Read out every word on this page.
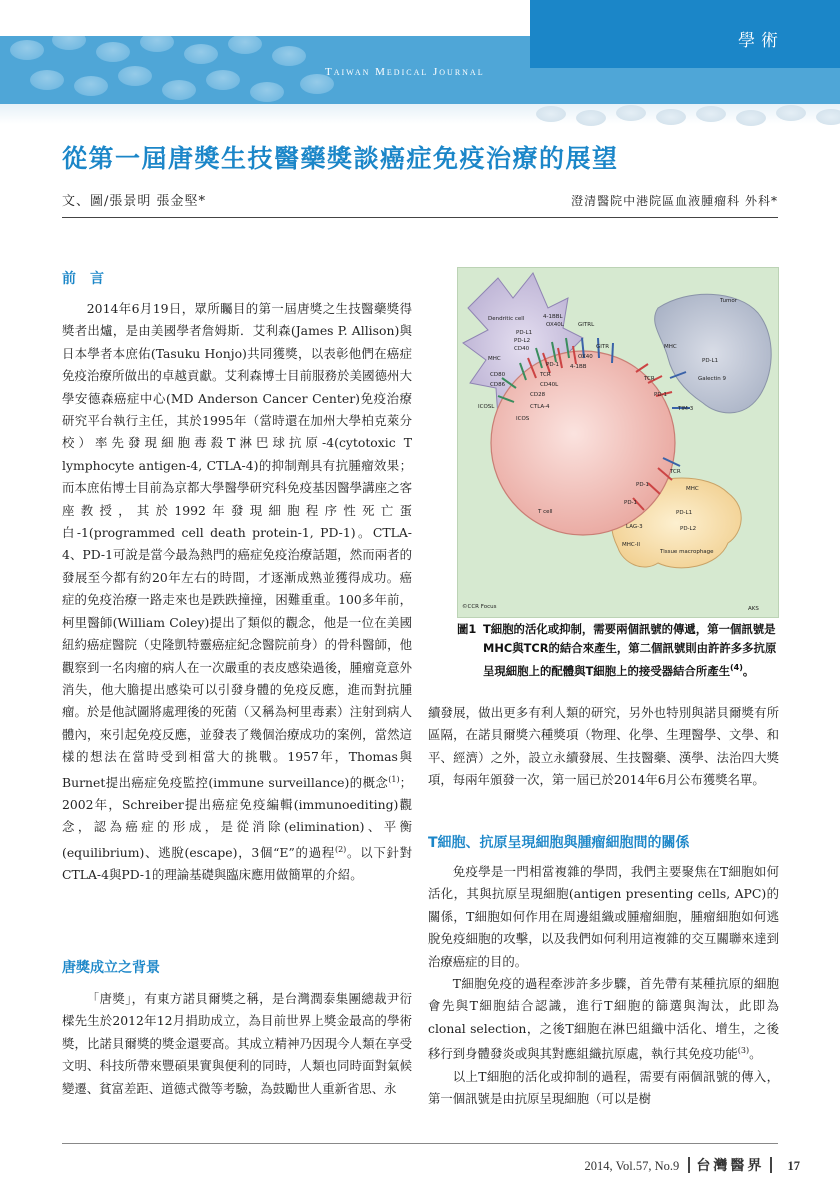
Taiwan Medical Journal
學術
從第一屆唐獎生技醫藥獎談癌症免疫治療的展望
文、圖/張景明 張金堅*	澄清醫院中港院區血液腫瘤科 外科*
前　言

2014年6月19日，眾所矚目的第一屆唐獎之生技醫藥獎得獎者出爐，是由美國學者詹姆斯．艾利森(James P. Allison)與日本學者本庶佑(Tasuku Honjo)共同獲獎，以表彰他們在癌症免疫治療所做出的卓越貢獻。艾利森博士目前服務於美國德州大學安德森癌症中心(MD Anderson Cancer Center)免疫治療研究平台執行主任，其於1995年（當時還在加州大學柏克萊分校）率先發現細胞毒殺T淋巴球抗原-4(cytotoxic T lymphocyte antigen-4, CTLA-4)的抑制劑具有抗腫瘤效果；而本庶佑博士目前為京都大學醫學研究科免疫基因醫學講座之客座教授，其於1992年發現細胞程序性死亡蛋白-1(programmed cell death protein-1, PD-1)。CTLA-4、PD-1可說是當今最為熱門的癌症免疫治療話題，然而兩者的發展至今都有約20年左右的時間，才逐漸成熟並獲得成功。癌症的免疫治療一路走來也是跌跌撞撞，困難重重。100多年前，柯里醫師(William Coley)提出了類似的觀念，他是一位在美國紐約癌症醫院（史隆凱特靈癌症紀念醫院前身）的骨科醫師，他觀察到一名肉瘤的病人在一次嚴重的表皮感染過後，腫瘤竟意外消失，他大膽提出感染可以引發身體的免疫反應，進而對抗腫瘤。於是他試圖將處理後的死菌（又稱為柯里毒素）注射到病人體內，來引起免疫反應，並發表了幾個治療成功的案例，當然這樣的想法在當時受到相當大的挑戰。1957年，Thomas與Burnet提出癌症免疫監控(immune surveillance)的概念$^{(1)}$；2002年，Schreiber提出癌症免疫編輯(immunoediting)觀念，認為癌症的形成，是從消除(elimination)、平衡(equilibrium)、逃脫(escape)，3個“E”的過程$^{(2)}$。以下針對CTLA-4與PD-1的理論基礎與臨床應用做簡單的介紹。

唐獎成立之背景

「唐獎」，有東方諾貝爾獎之稱，是台灣潤泰集團總裁尹衍樑先生於2012年12月捐助成立，為目前世界上獎金最高的學術獎，比諾貝爾獎的獎金還要高。其成立精神乃因現今人類在享受文明、科技所帶來豐碩果實與便利的同時，人類也同時面對氣候變遷、貧富差距、道德式微等考驗，為鼓勵世人重新省思、永

Dendritic cell
Tumor
T cell
Tissue macrophage
©CCR Focus	AKS
PD-L2
PD-L1
CD40
MHC
CD80
CD86
ICOSL
OX40L
4-1BBL
GITRL
GITR
OX40
4-1BB
PD-1
TCR
CD40L
CD28
CTLA-4
ICOS
MHC
PD-L1
Galectin 9
TCR
PD-1
TIM-3
TCR
PD-1
MHC
PD-1
PD-L1
LAG-3	PD-L2
MHC-II
圖1 T細胞的活化或抑制，需要兩個訊號的傳遞，第一個訊號是MHC與TCR的結合來產生，第二個訊號則由許許多多抗原呈現細胞上的配體與T細胞上的接受器結合所產生$^{(4)}$。

續發展，做出更多有利人類的研究，另外也特別與諾貝爾獎有所區隔，在諾貝爾獎六種獎項（物理、化學、生理醫學、文學、和平、經濟）之外，設立永續發展、生技醫藥、漢學、法治四大獎項，每兩年頒發一次，第一屆已於2014年6月公布獲獎名單。

T細胞、抗原呈現細胞與腫瘤細胞間的關係

免疫學是一門相當複雜的學問，我們主要聚焦在T細胞如何活化，其與抗原呈現細胞(antigen presenting cells, APC)的關係，T細胞如何作用在周邊組織或腫瘤細胞，腫瘤細胞如何逃脫免疫細胞的攻擊，以及我們如何利用這複雜的交互關聯來達到治療癌症的目的。

T細胞免疫的過程牽涉許多步驟，首先帶有某種抗原的細胞會先與T細胞結合認識，進行T細胞的篩選與淘汰，此即為clonal selection，之後T細胞在淋巴組織中活化、增生，之後移行到身體發炎或與其對應組織抗原處，執行其免疫功能$^{(3)}$。

以上T細胞的活化或抑制的過程，需要有兩個訊號的傳入，第一個訊號是由抗原呈現細胞（可以是樹

2014, Vol.57, No.9 台灣醫界 17
